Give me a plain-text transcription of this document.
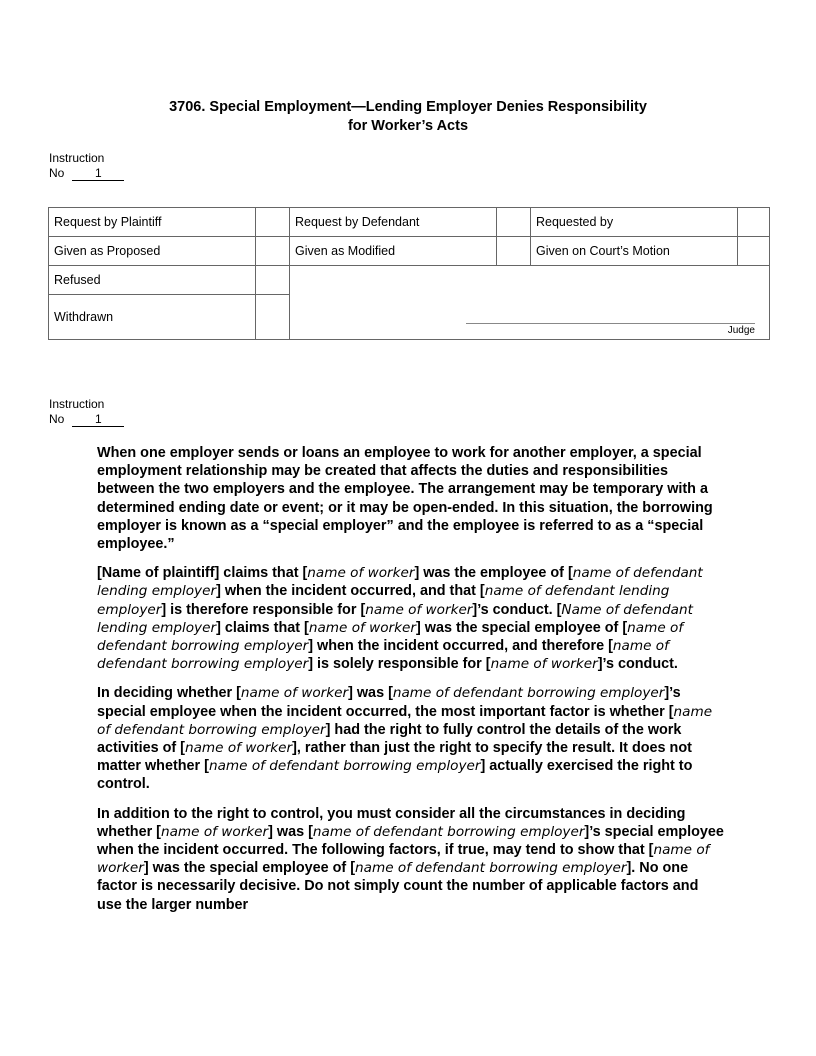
3706. Special Employment—Lending Employer Denies Responsibility
for Worker’s Acts
Instruction
No	1
Request by Plaintiff		Request by Defendant		Requested by	
Given as Proposed		Given as Modified		Given on Court’s Motion	
Refused		Judge			

Withdrawn					
Instruction
No	1

When one employer sends or loans an employee to work for another employer, a special employment relationship may be created that affects the duties and responsibilities between the two employers and the employee. The arrangement may be temporary with a determined ending date or event; or it may be open-ended. In this situation, the borrowing employer is known as a “special employer” and the employee is referred to as a “special employee.”

[Name of plaintiff] claims that [name of worker] was the employee of [name of defendant lending employer] when the incident occurred, and that [name of defendant lending employer] is therefore responsible for [name of worker]’s conduct. [Name of defendant lending employer] claims that [name of worker] was the special employee of [name of defendant borrowing employer] when the incident occurred, and therefore [name of defendant borrowing employer] is solely responsible for [name of worker]’s conduct.

In deciding whether [name of worker] was [name of defendant borrowing employer]’s special employee when the incident occurred, the most important factor is whether [name of defendant borrowing employer] had the right to fully control the details of the work activities of [name of worker], rather than just the right to specify the result. It does not matter whether [name of defendant borrowing employer] actually exercised the right to control.

In addition to the right to control, you must consider all the circumstances in deciding whether [name of worker] was [name of defendant borrowing employer]’s special employee when the incident occurred. The following factors, if true, may tend to show that [name of worker] was the special employee of [name of defendant borrowing employer]. No one factor is necessarily decisive. Do not simply count the number of applicable factors and use the larger number
